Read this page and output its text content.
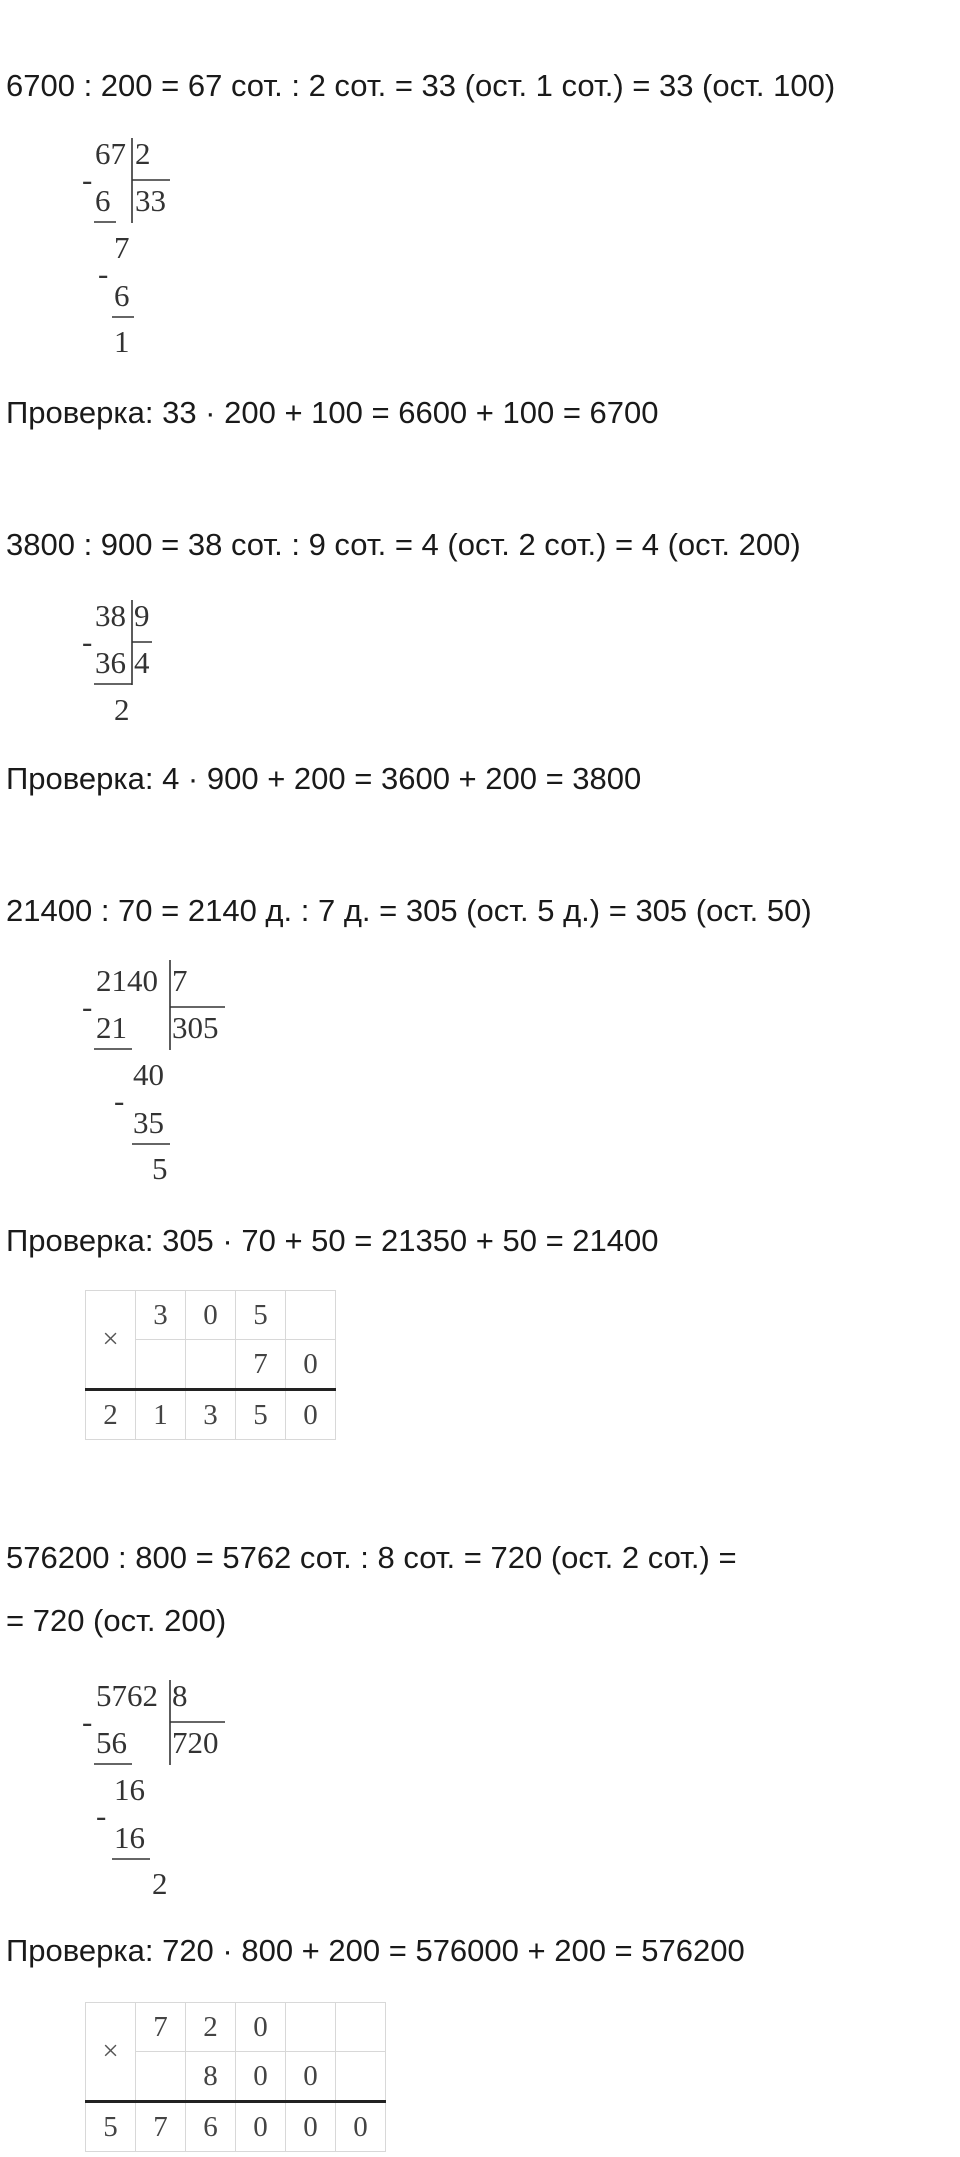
6700 : 200 = 67 сот. : 2 сот. = 33 (ост. 1 сот.) = 33 (ост. 100)
67 2
33
-
6
7
-
6
1
Проверка: 33 · 200 + 100 = 6600 + 100 = 6700
3800 : 900 = 38 сот. : 9 сот. = 4 (ост. 2 сот.) = 4 (ост. 200)
38 9
4
-
36
2
Проверка: 4 · 900 + 200 = 3600 + 200 = 3800
21400 : 70 = 2140 д. : 7 д. = 305 (ост. 5 д.) = 305 (ост. 50)
2140 7
305
-
21
40
-
35
5
Проверка: 305 · 70 + 50 = 21350 + 50 = 21400
×	3	0	5	
			7	0
2	1	3	5	0
576200 : 800 = 5762 сот. : 8 сот. = 720 (ост. 2 сот.) =
= 720 (ост. 200)
5762 8
720
-
56
16
-
16
2
Проверка: 720 · 800 + 200 = 576000 + 200 = 576200
×	7	2	0		
		8	0	0	
5	7	6	0	0	0
